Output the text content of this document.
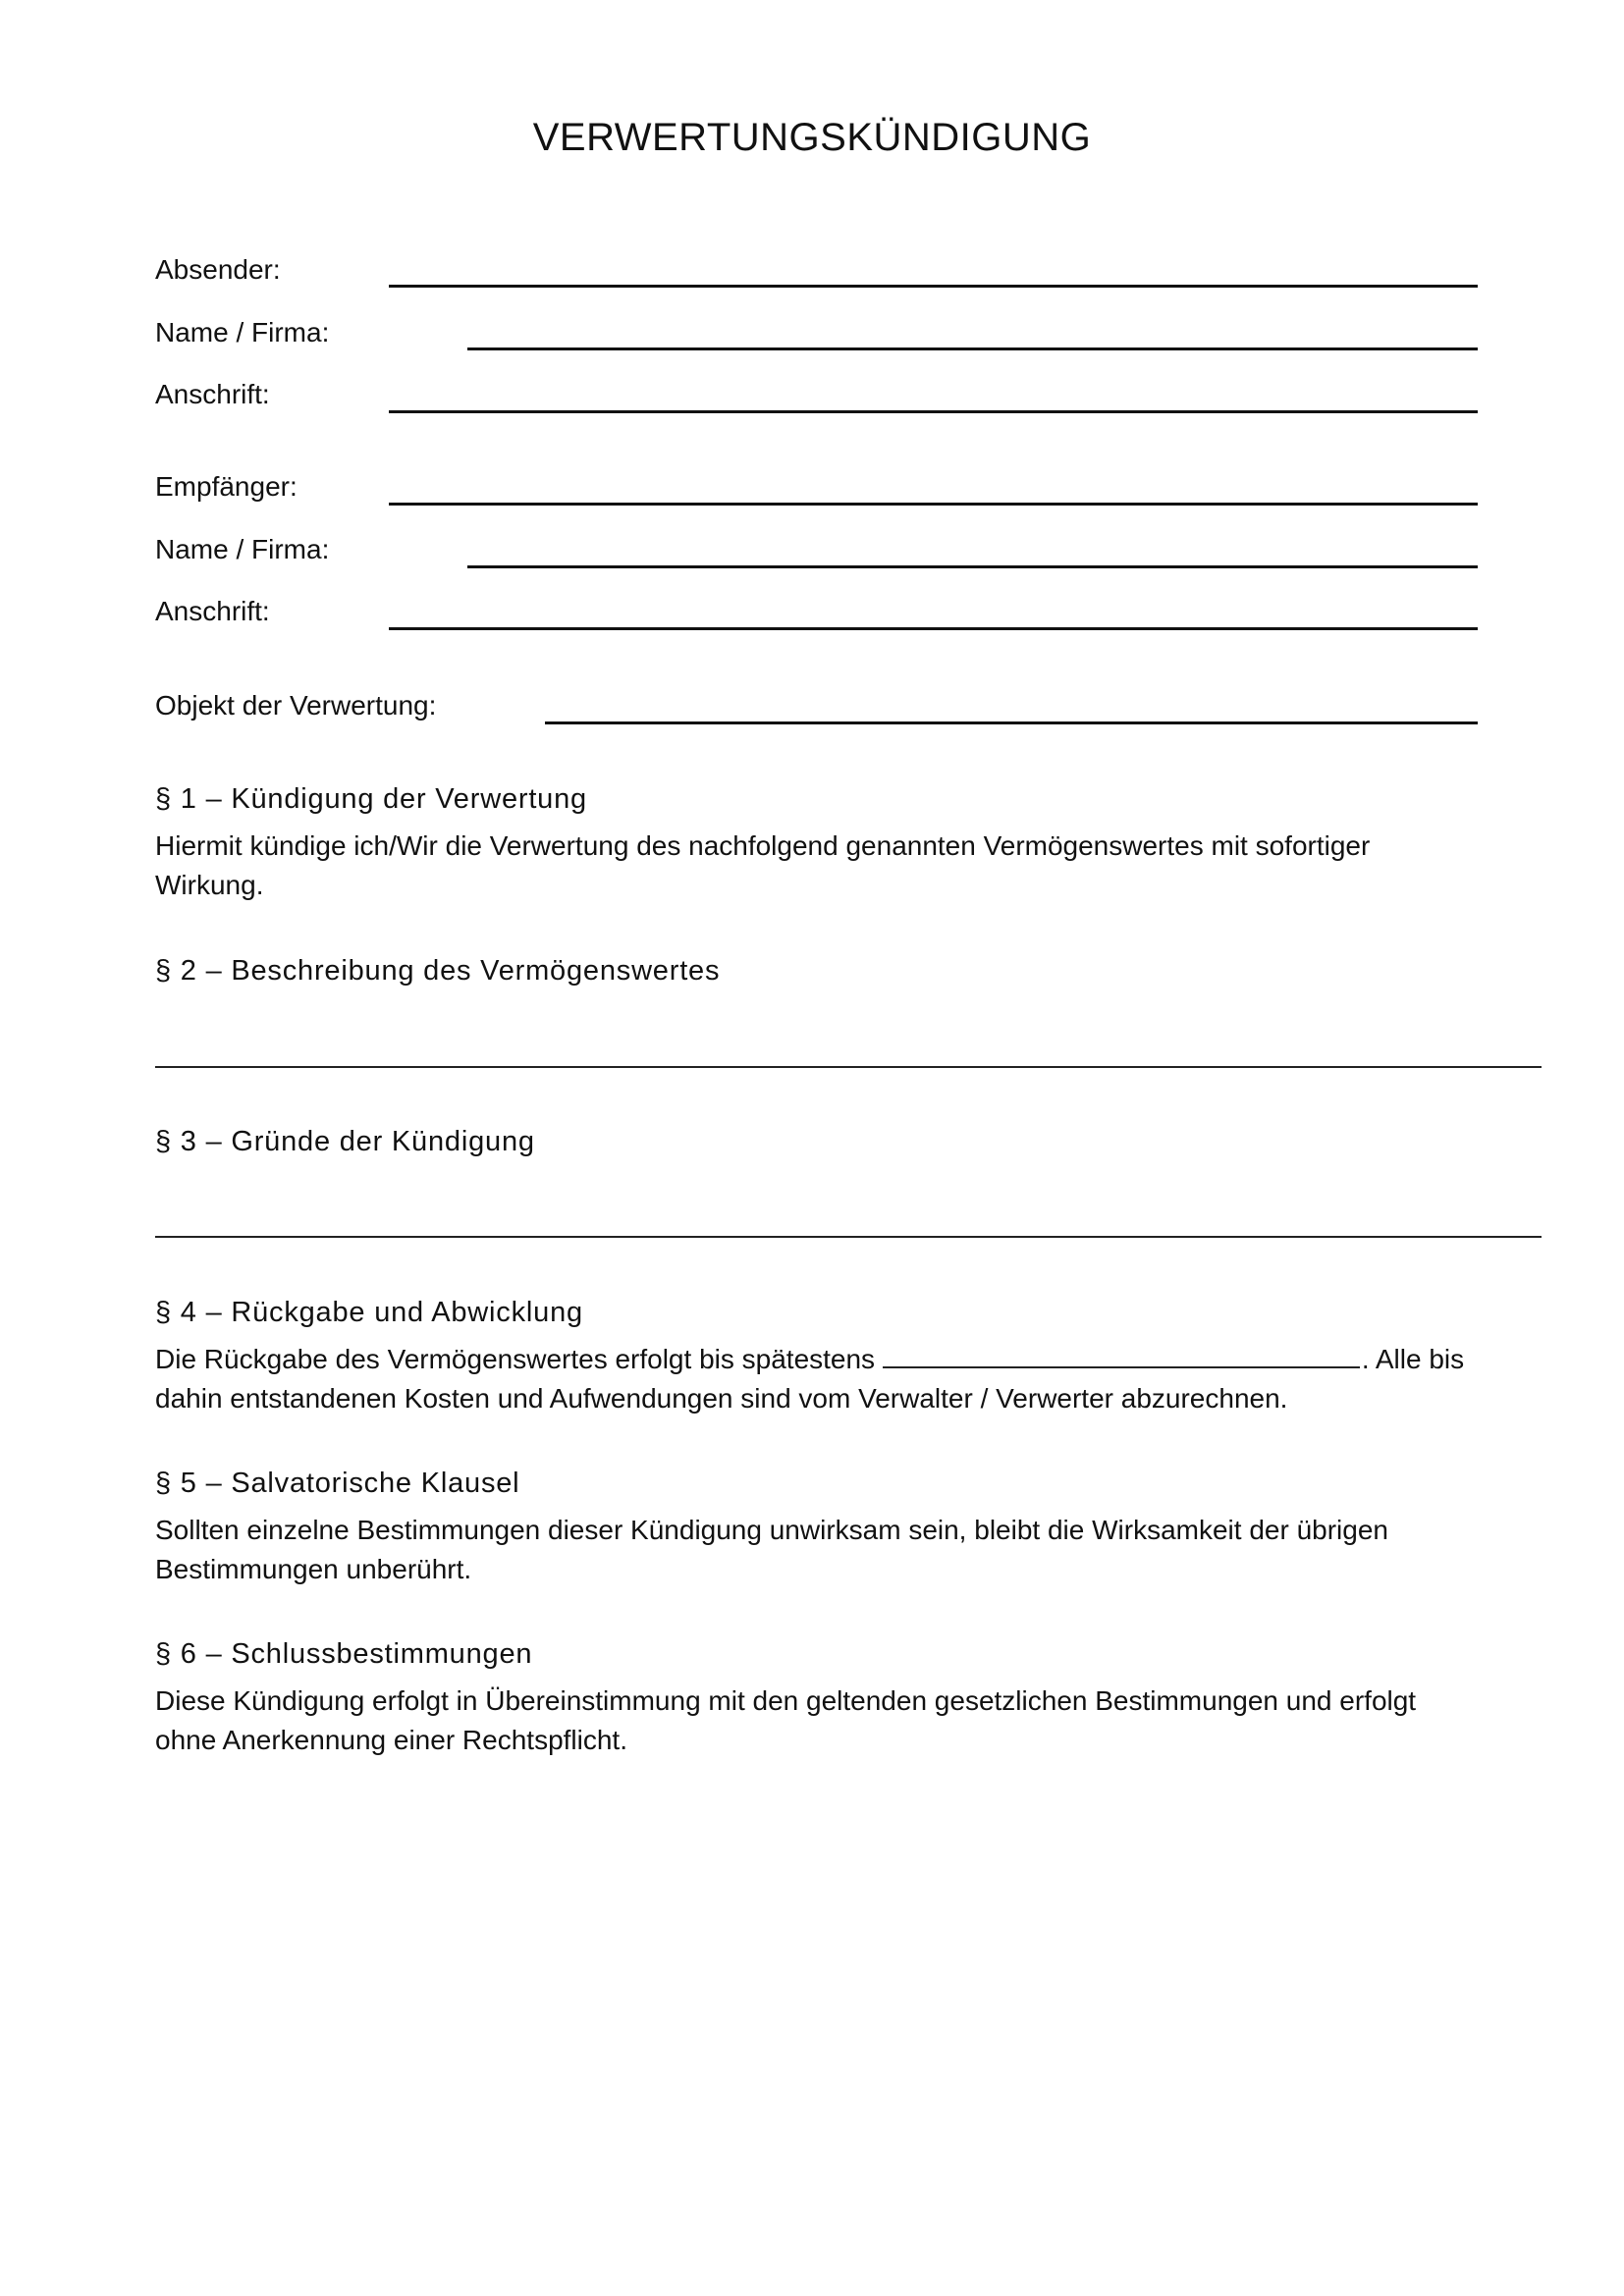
VERWERTUNGSKÜNDIGUNG
Absender:
Name / Firma:
Anschrift:
Empfänger:
Name / Firma:
Anschrift:
Objekt der Verwertung:
§ 1 – Kündigung der Verwertung
Hiermit kündige ich/Wir die Verwertung des nachfolgend genannten Vermögenswertes mit sofortiger Wirkung.
§ 2 – Beschreibung des Vermögenswertes
§ 3 – Gründe der Kündigung
§ 4 – Rückgabe und Abwicklung
Die Rückgabe des Vermögenswertes erfolgt bis spätestens	. Alle bis dahin entstandenen Kosten und Aufwendungen sind vom Verwalter / Verwerter abzurechnen.
§ 5 – Salvatorische Klausel
Sollten einzelne Bestimmungen dieser Kündigung unwirksam sein, bleibt die Wirksamkeit der übrigen Bestimmungen unberührt.
§ 6 – Schlussbestimmungen
Diese Kündigung erfolgt in Übereinstimmung mit den geltenden gesetzlichen Bestimmungen und erfolgt ohne Anerkennung einer Rechtspflicht.
